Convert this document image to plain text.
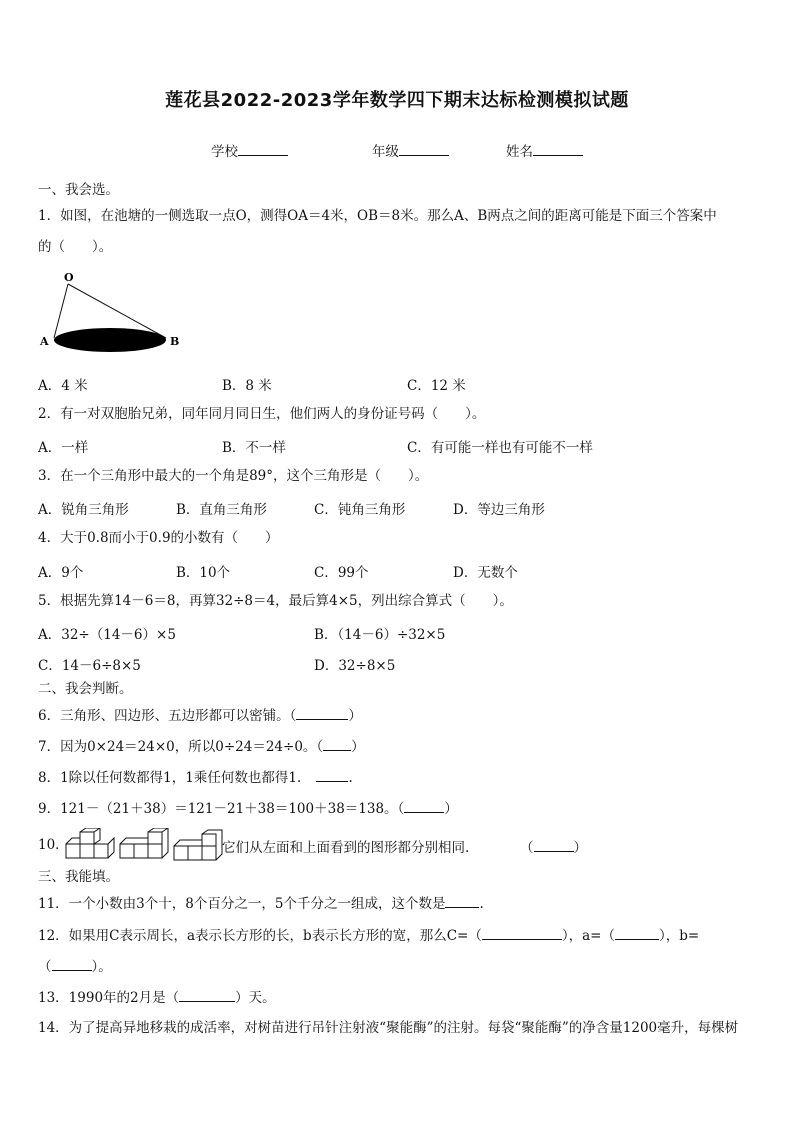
莲花县2022-2023学年数学四下期末达标检测模拟试题
学校	年级	姓名
一、我会选。
1．如图，在池塘的一侧选取一点O，测得OA＝4米，OB＝8米。那么A、B两点之间的距离可能是下面三个答案中
的（　　）。
O
A	B
A．4 米	B．8 米	C．12 米
2．有一对双胞胎兄弟，同年同月同日生，他们两人的身份证号码（　　）。
A．一样	B．不一样	C．有可能一样也有可能不一样
3．在一个三角形中最大的一个角是89°，这个三角形是（　　）。
A．锐角三角形	B．直角三角形	C．钝角三角形	D．等边三角形
4．大于0.8而小于0.9的小数有（　　）
A．9个	B．10个	C．99个	D．无数个
5．根据先算14－6＝8，再算32÷8＝4，最后算4×5，列出综合算式（　　）。
A．32÷（14－6）×5	B．（14－6）÷32×5
C．14－6÷8×5	D．32÷8×5
二、我会判断。
6．三角形、四边形、五边形都可以密铺。（	）
7．因为0×24＝24×0，所以0÷24＝24÷0。（ ）
8．1除以任何数都得1，1乘任何数也都得1．	.
9．121－（21＋38）＝121－21＋38＝100＋38＝138。（	）
10．	它们从左面和上面看到的图形都分别相同.	（	）
三、我能填。
11．一个小数由3个十，8个百分之一，5个千分之一组成，这个数是	.
12．如果用C表示周长，a表示长方形的长，b表示长方形的宽，那么C=（	），a=（	），b=
（	）。
13．1990年的2月是（	）天。
14．为了提高异地移栽的成活率，对树苗进行吊针注射液“聚能酶”的注射。每袋“聚能酶”的净含量1200毫升，每棵树
